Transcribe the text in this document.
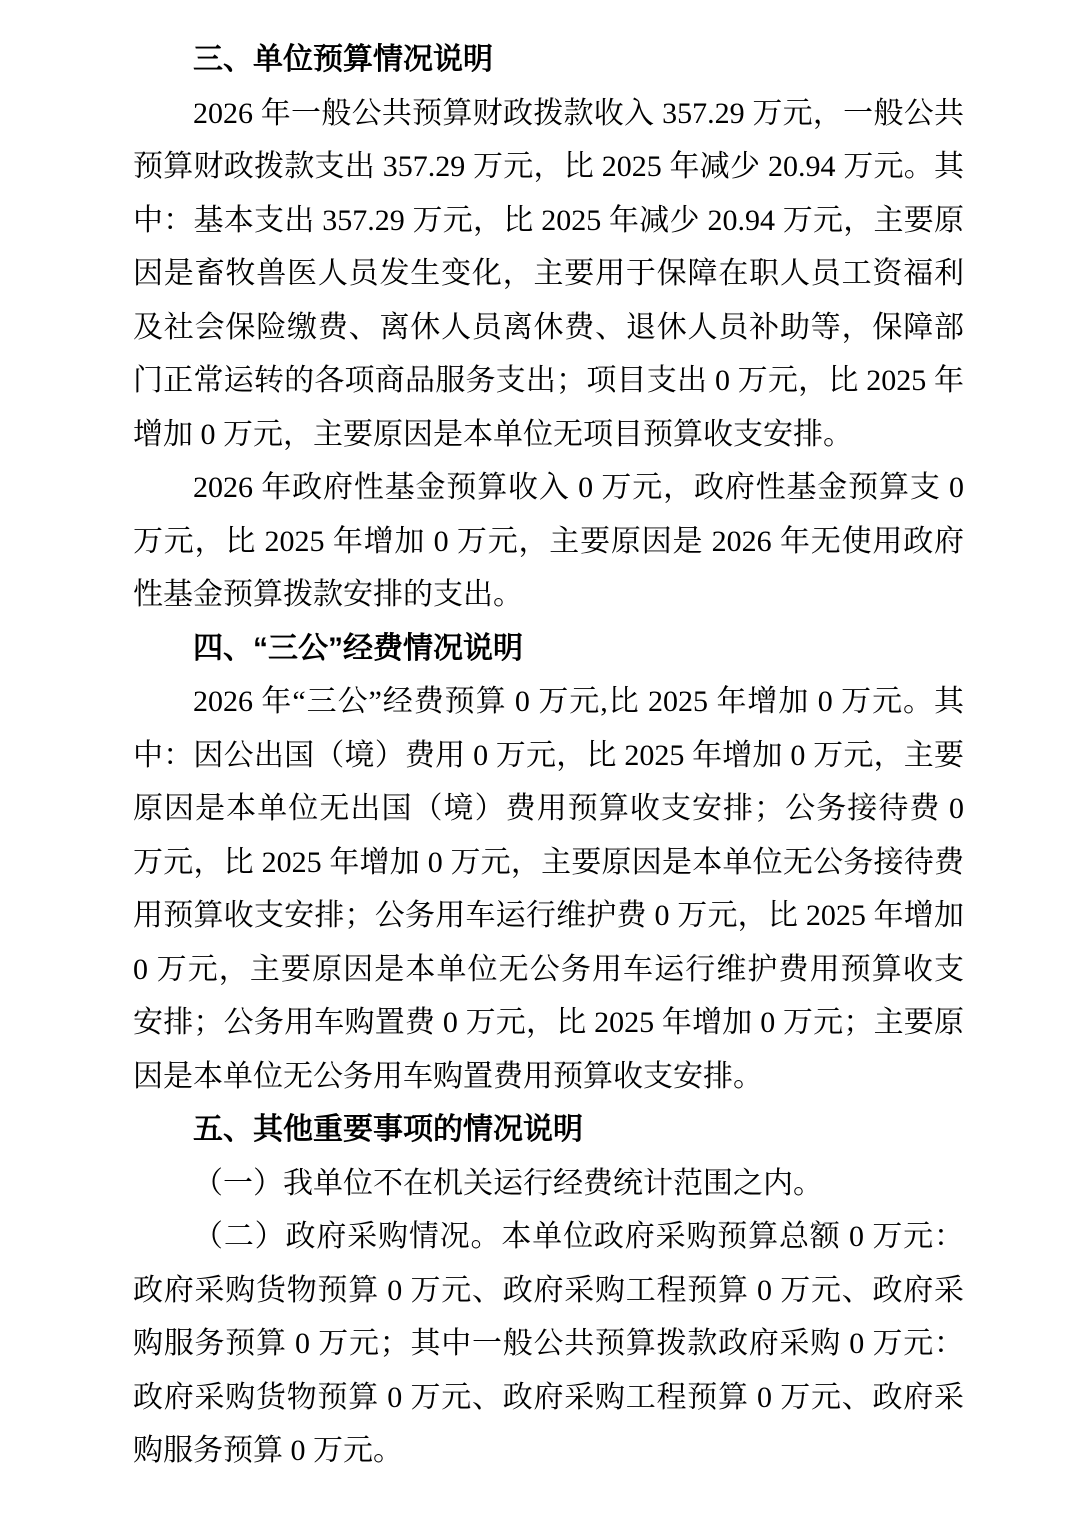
三、单位预算情况说明

2026 年一般公共预算财政拨款收入 357.29 万元，一般公共预算财政拨款支出 357.29 万元，比 2025 年减少 20.94 万元。其中：基本支出 357.29 万元，比 2025 年减少 20.94 万元，主要原因是畜牧兽医人员发生变化，主要用于保障在职人员工资福利及社会保险缴费、离休人员离休费、退休人员补助等，保障部门正常运转的各项商品服务支出；项目支出 0 万元，比 2025 年增加 0 万元，主要原因是本单位无项目预算收支安排。

2026 年政府性基金预算收入 0 万元，政府性基金预算支 0 万元，比 2025 年增加 0 万元，主要原因是 2026 年无使用政府性基金预算拨款安排的支出。

四、“三公”经费情况说明

2026 年“三公”经费预算 0 万元,比 2025 年增加 0 万元。其中：因公出国（境）费用 0 万元，比 2025 年增加 0 万元，主要原因是本单位无出国（境）费用预算收支安排；公务接待费 0 万元，比 2025 年增加 0 万元，主要原因是本单位无公务接待费用预算收支安排；公务用车运行维护费 0 万元，比 2025 年增加 0 万元，主要原因是本单位无公务用车运行维护费用预算收支安排；公务用车购置费 0 万元，比 2025 年增加 0 万元；主要原因是本单位无公务用车购置费用预算收支安排。

五、其他重要事项的情况说明

（一）我单位不在机关运行经费统计范围之内。

（二）政府采购情况。本单位政府采购预算总额 0 万元：政府采购货物预算 0 万元、政府采购工程预算 0 万元、政府采购服务预算 0 万元；其中一般公共预算拨款政府采购 0 万元：政府采购货物预算 0 万元、政府采购工程预算 0 万元、政府采购服务预算 0 万元。
